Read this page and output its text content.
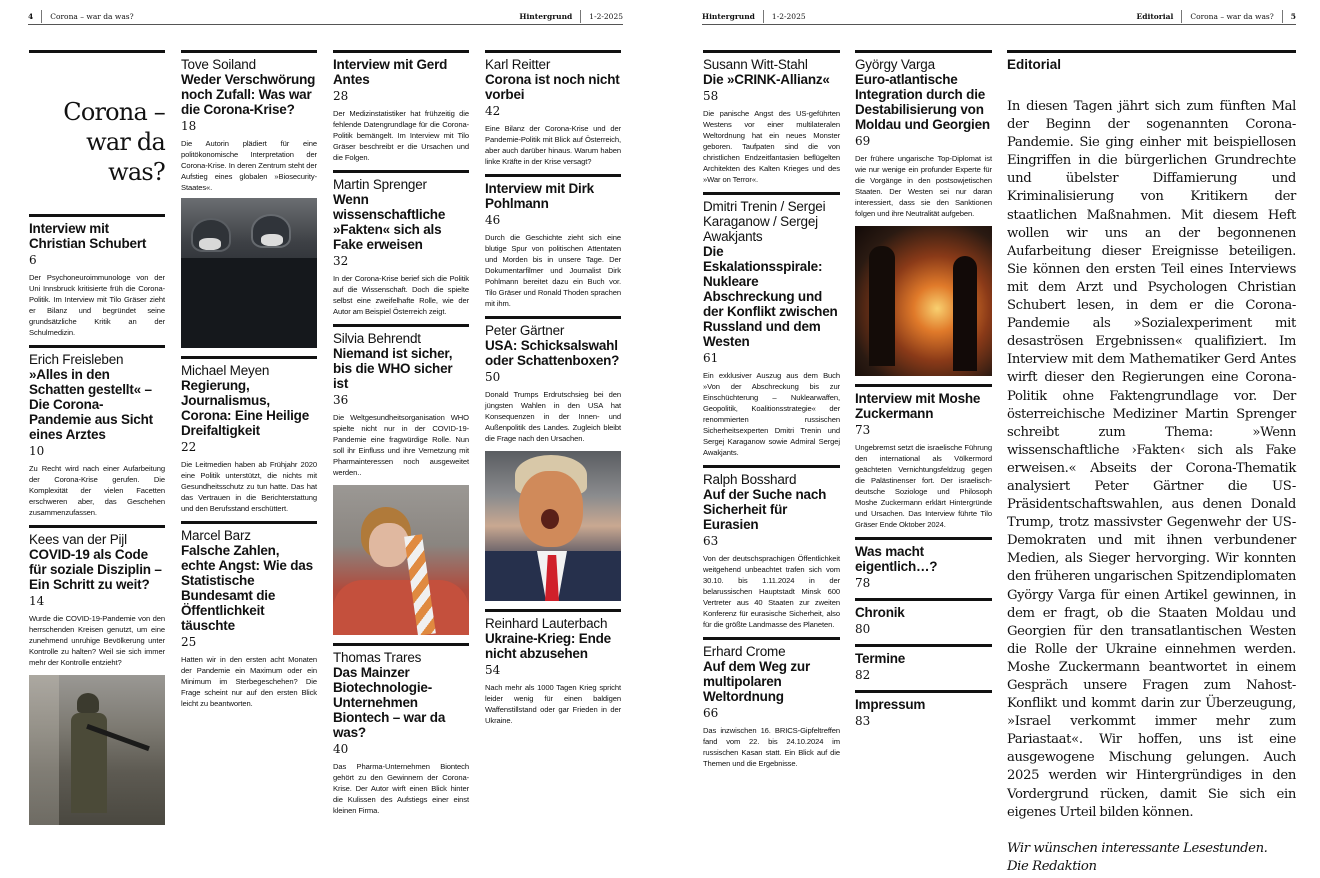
4 Corona – war da was?	Hintergrund 1-2-2025	Hintergrund 1-2-2025	Editorial Corona – war da was? 5
Corona –
war da was?
Interview mit Christian Schubert
6
Der Psychoneuroimmunologe von der Uni Innsbruck kritisierte früh die Corona-Politik. Im Interview mit Tilo Gräser zieht er Bilanz und begründet seine grundsätzliche Kritik an der Schulmedizin.
Erich Freisleben
»Alles in den Schatten gestellt« – Die Corona-Pandemie aus Sicht eines Arztes
10
Zu Recht wird nach einer Aufarbeitung der Corona-Krise gerufen. Die Komplexität der vielen Facetten erschweren aber, das Geschehen zusammenzufassen.
Kees van der Pijl
COVID-19 als Code für soziale Disziplin – Ein Schritt zu weit?
14
Wurde die COVID-19-Pandemie von den herrschenden Kreisen genutzt, um eine zunehmend unruhige Bevölkerung unter Kontrolle zu halten? Weil sie sich immer mehr der Kontrolle entzieht?
Tove Soiland
Weder Verschwörung noch Zufall: Was war die Corona-Krise?
18
Die Autorin plädiert für eine politökonomische Interpretation der Corona-Krise. In deren Zentrum steht der Aufstieg eines globalen »Biosecurity-Staates«.
Michael Meyen
Regierung, Journalismus, Corona: Eine Heilige Dreifaltigkeit
22
Die Leitmedien haben ab Frühjahr 2020 eine Politik unterstützt, die nichts mit Gesundheitsschutz zu tun hatte. Das hat das Vertrauen in die Berichterstattung und den Berufsstand erschüttert.
Marcel Barz
Falsche Zahlen, echte Angst: Wie das Statistische Bundesamt die Öffentlichkeit täuschte
25
Hatten wir in den ersten acht Monaten der Pandemie ein Maximum oder ein Minimum im Sterbegeschehen? Die Frage scheint nur auf den ersten Blick leicht zu beantworten.
Interview mit Gerd Antes
28
Der Medizinstatistiker hat frühzeitig die fehlende Datengrundlage für die Corona-Politik bemängelt. Im Interview mit Tilo Gräser beschreibt er die Ursachen und die Folgen.
Martin Sprenger
Wenn wissenschaftliche »Fakten« sich als Fake erweisen
32
In der Corona-Krise berief sich die Politik auf die Wissenschaft. Doch die spielte selbst eine zweifelhafte Rolle, wie der Autor am Beispiel Österreich zeigt.
Silvia Behrendt
Niemand ist sicher, bis die WHO sicher ist
36
Die Weltgesundheitsorganisation WHO spielte nicht nur in der COVID-19-Pandemie eine fragwürdige Rolle. Nun soll ihr Einfluss und ihre Vernetzung mit Pharmainteressen noch ausgeweitet werden..
Thomas Trares
Das Mainzer Biotechnologie-Unternehmen Biontech – war da was?
40
Das Pharma-Unternehmen Biontech gehört zu den Gewinnern der Corona-Krise. Der Autor wirft einen Blick hinter die Kulissen des Aufstiegs einer einst kleinen Firma.
Karl Reitter
Corona ist noch nicht vorbei
42
Eine Bilanz der Corona-Krise und der Pandemie-Politik mit Blick auf Österreich, aber auch darüber hinaus. Warum haben linke Kräfte in der Krise versagt?
Interview mit Dirk Pohlmann
46
Durch die Geschichte zieht sich eine blutige Spur von politischen Attentaten und Morden bis in unsere Tage. Der Dokumentarfilmer und Journalist Dirk Pohlmann bereitet dazu ein Buch vor. Tilo Gräser und Ronald Thoden sprachen mit ihm.
Peter Gärtner
USA: Schicksalswahl oder Schattenboxen?
50
Donald Trumps Erdrutschsieg bei den jüngsten Wahlen in den USA hat Konsequenzen in der Innen- und Außenpolitik des Landes. Zugleich bleibt die Frage nach den Ursachen.
Reinhard Lauterbach
Ukraine-Krieg: Ende nicht abzusehen
54
Nach mehr als 1000 Tagen Krieg spricht leider wenig für einen baldigen Waffenstillstand oder gar Frieden in der Ukraine.
Susann Witt-Stahl
Die »CRINK-Allianz«
58
Die panische Angst des US-geführten Westens vor einer multilateralen Weltordnung hat ein neues Monster geboren. Taufpaten sind die von christlichen Endzeitfantasien beflügelten Architekten des Kalten Krieges und des »War on Terror«.
Dmitri Trenin / Sergei Karaganow / Sergej Awakjants
Die Eskalationsspirale: Nukleare Abschreckung und der Konflikt zwischen Russland und dem Westen
61
Ein exklusiver Auszug aus dem Buch »Von der Abschreckung bis zur Einschüchterung – Nuklearwaffen, Geopolitik, Koalitionsstrategie« der renommierten russischen Sicherheitsexperten Dmitri Trenin und Sergej Karaganow sowie Admiral Sergej Awakjants.
Ralph Bosshard
Auf der Suche nach Sicherheit für Eurasien
63
Von der deutschsprachigen Öffentlichkeit weitgehend unbeachtet trafen sich vom 30.10. bis 1.11.2024 in der belarussischen Hauptstadt Minsk 600 Vertreter aus 40 Staaten zur zweiten Konferenz für eurasische Sicherheit, also für die größte Landmasse des Planeten.
Erhard Crome
Auf dem Weg zur multipolaren Weltordnung
66
Das inzwischen 16. BRICS-Gipfeltreffen fand vom 22. bis 24.10.2024 im russischen Kasan statt. Ein Blick auf die Themen und die Ergebnisse.
György Varga
Euro-atlantische Integration durch die Destabilisierung von Moldau und Georgien
69
Der frühere ungarische Top-Diplomat ist wie nur wenige ein profunder Experte für die Vorgänge in den postsowjetischen Staaten. Der Westen sei nur daran interessiert, dass sie den Sanktionen folgen und ihre Neutralität aufgeben.
Interview mit Moshe Zuckermann
73
Ungebremst setzt die israelische Führung den international als Völkermord geächteten Vernichtungsfeldzug gegen die Palästinenser fort. Der israelisch-deutsche Soziologe und Philosoph Moshe Zuckermann erklärt Hintergründe und Ursachen. Das Interview führte Tilo Gräser Ende Oktober 2024.
Was macht eigentlich…?
78
Chronik
80
Termine
82
Impressum
83
Editorial
In diesen Tagen jährt sich zum fünften Mal der Beginn der sogenannten Corona-Pandemie. Sie ging einher mit beispiellosen Eingriffen in die bürgerlichen Grundrechte und übelster Diffamierung und Kriminalisierung von Kritikern der staatlichen Maßnahmen. Mit diesem Heft wollen wir uns an der begonnenen Aufarbeitung dieser Ereignisse beteiligen. Sie können den ersten Teil eines Interviews mit dem Arzt und Psychologen Christian Schubert lesen, in dem er die Corona-Pandemie als »Sozialexperiment mit desaströsen Ergebnissen« qualifiziert. Im Interview mit dem Mathematiker Gerd Antes wirft dieser den Regierungen eine Corona-Politik ohne Faktengrundlage vor. Der österreichische Mediziner Martin Sprenger schreibt zum Thema: »Wenn wissenschaftliche ›Fakten‹ sich als Fake erweisen.« Abseits der Corona-Thematik analysiert Peter Gärtner die US-Präsidentschaftswahlen, aus denen Donald Trump, trotz massivster Gegenwehr der US-Demokraten und mit ihnen verbundener Medien, als Sieger hervorging. Wir konnten den früheren ungarischen Spitzendiplomaten György Varga für einen Artikel gewinnen, in dem er fragt, ob die Staaten Moldau und Georgien für den transatlantischen Westen die Rolle der Ukraine einnehmen werden. Moshe Zuckermann beantwortet in einem Gespräch unsere Fragen zum Nahost-Konflikt und kommt darin zur Überzeugung, »Israel verkommt immer mehr zum Pariastaat«. Wir hoffen, uns ist eine ausgewogene Mischung gelungen. Auch 2025 werden wir Hintergründiges in den Vordergrund rücken, damit Sie sich ein eigenes Urteil bilden können.
Wir wünschen interessante Lesestunden.
Die Redaktion
